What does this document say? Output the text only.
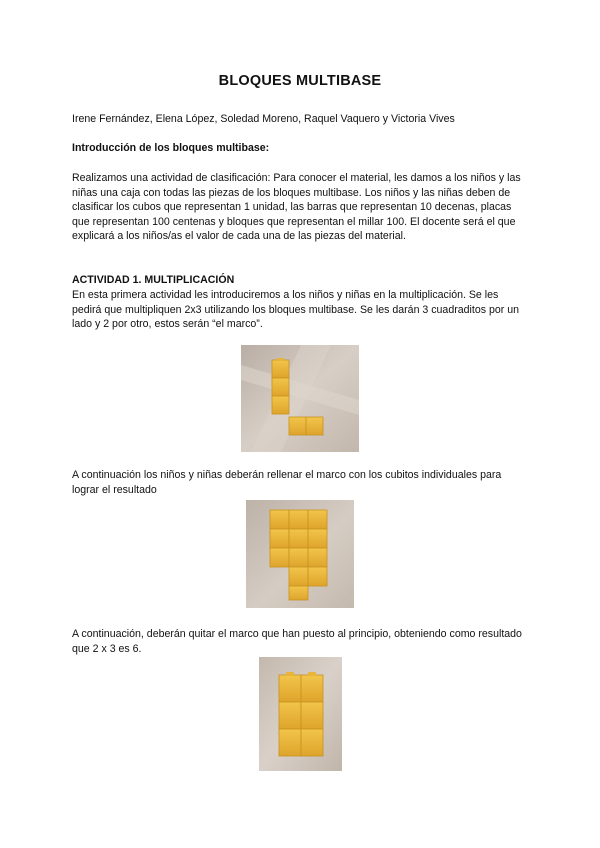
BLOQUES MULTIBASE

Irene Fernández, Elena López, Soledad Moreno, Raquel Vaquero y Victoria Vives

Introducción de los bloques multibase:

Realizamos una actividad de clasificación: Para conocer el material, les damos a los niños y las niñas una caja con todas las piezas de los bloques multibase. Los niños y las niñas deben de clasificar los cubos que representan 1 unidad, las barras que representan 10 decenas, placas que representan 100 centenas y bloques que representan el millar 100. El docente será el que explicará a los niños/as el valor de cada una de las piezas del material.

ACTIVIDAD 1. MULTIPLICACIÓN

En esta primera actividad les introduciremos a los niños y niñas en la multiplicación. Se les pedirá que multipliquen 2x3 utilizando los bloques multibase. Se les darán 3 cuadraditos por un lado y 2 por otro, estos serán “el marco”.

A continuación los niños y niñas deberán rellenar el marco con los cubitos individuales para lograr el resultado

A continuación, deberán quitar el marco que han puesto al principio, obteniendo como resultado que 2 x 3 es 6.
